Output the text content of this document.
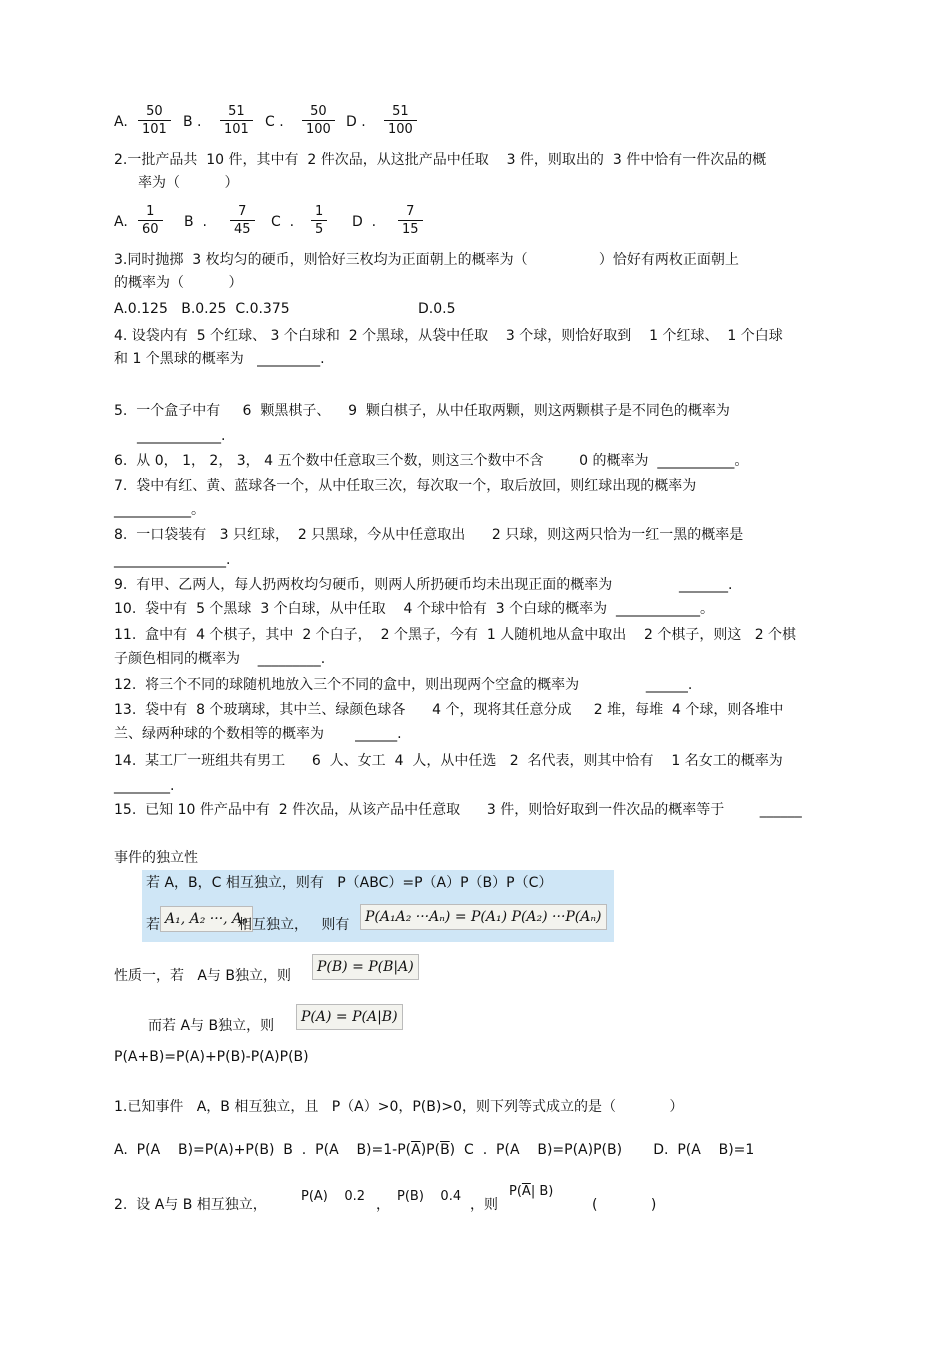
A. $\frac{50}{101}$ B . $\frac{51}{101}$ C . $\frac{50}{100}$ D . $\frac{51}{100}$
2.一批产品共  10 件，其中有  2 件次品，从这批产品中任取    3 件，则取出的  3 件中恰有一件次品的概
率为（          ）
A. $\frac{1}{60}$ B  . $\frac{7}{45}$ C  . $\frac{1}{5}$ D  . $\frac{7}{15}$
3.同时抛掷  3 枚均匀的硬币，则恰好三枚均为正面朝上的概率为（                ）恰好有两枚正面朝上
的概率为（          ）
A.0.125   B.0.25  C.0.375	D.0.5
4. 设袋内有  5 个红球、 3 个白球和  2 个黑球，从袋中任取    3 个球，则恰好取到    1 个红球、  1 个白球
和 1 个黑球的概率为   _________.
5.  一个盒子中有     6  颗黑棋子、    9  颗白棋子，从中任取两颗，则这两颗棋子是不同色的概率为
____________.
6.  从 0， 1， 2， 3， 4 五个数中任意取三个数，则这三个数中不含        0 的概率为  ___________。
7.  袋中有红、黄、蓝球各一个，从中任取三次，每次取一个，取后放回，则红球出现的概率为
___________。
8.  一口袋装有   3 只红球，  2 只黑球，今从中任意取出      2 只球，则这两只恰为一红一黑的概率是
________________.
9.  有甲、乙两人，每人扔两枚均匀硬币，则两人所扔硬币均未出现正面的概率为               _______.
10.  袋中有  5 个黑球  3 个白球，从中任取    4 个球中恰有  3 个白球的概率为  ____________。
11.  盒中有  4 个棋子，其中  2 个白子，  2 个黑子，今有  1 人随机地从盒中取出    2 个棋子，则这   2 个棋
子颜色相同的概率为    _________.
12.  将三个不同的球随机地放入三个不同的盒中，则出现两个空盒的概率为               ______.
13.  袋中有  8 个玻璃球，其中兰、绿颜色球各      4 个，现将其任意分成     2 堆，每堆  4 个球，则各堆中
兰、绿两种球的个数相等的概率为       ______.
14.  某工厂一班组共有男工      6  人、女工  4  人，从中任选   2  名代表，则其中恰有    1 名女工的概率为
________.
15.  已知 10 件产品中有  2 件次品，从该产品中任意取      3 件，则恰好取到一件次品的概率等于        ______
事件的独立性
若 A，B，C 相互独立，则有   P（ABC）=P（A）P（B）P（C）
若 A₁, A₂ ···, Aₙ
相互独立，   则有	P(A₁A₂ ···Aₙ) = P(A₁) P(A₂) ···P(Aₙ)
性质一，若   A与 B独立，则
P(B) = P(B|A)
而若 A与 B独立，则
P(A) = P(A|B)
P(A+B)=P(A)+P(B)-P(A)P(B)
1.已知事件   A，B 相互独立，且   P（A）>0，P(B)>0，则下列等式成立的是（            ）
A.  P(A    B)=P(A)+P(B)  B  .  P(A    $B)=1-P(\overline{A})P(\overline{B})$  C  .  P(A    B)=P(A)P(B)       D.  P(A    B)=1
2.  设 A与 B 相互独立，
P(A)    0.2
，
P(B)    0.4
，则
$P(\overline{A}|$ B)
(            )
